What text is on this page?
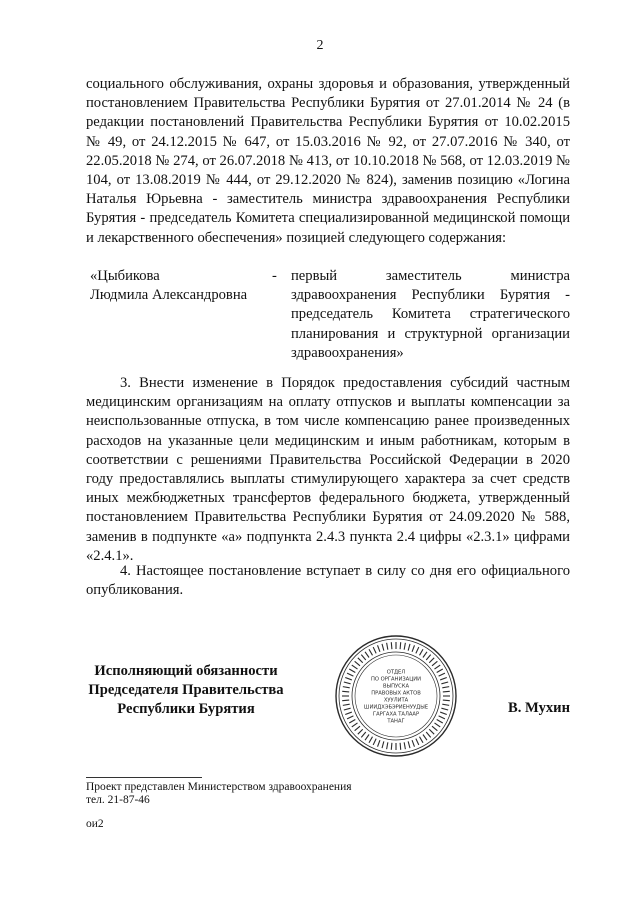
2
социального обслуживания, охраны здоровья и образования, утвержденный постановлением Правительства Республики Бурятия от 27.01.2014 № 24 (в редакции постановлений Правительства Республики Бурятия от 10.02.2015 № 49, от 24.12.2015 № 647, от 15.03.2016 № 92, от 27.07.2016 № 340, от 22.05.2018 № 274, от 26.07.2018 № 413, от 10.10.2018 № 568, от 12.03.2019 № 104, от 13.08.2019 № 444, от 29.12.2020 № 824), заменив позицию «Логина Наталья Юрьевна - заместитель министра здравоохранения Республики Бурятия - председатель Комитета специализированной медицинской помощи и лекарственного обеспечения» позицией следующего содержания:
«Цыбикова
Людмила Александровна
- первый заместитель министра здравоохранения Республики Бурятия - председатель Комитета стратегического планирования и структурной организации здравоохранения»
3. Внести изменение в Порядок предоставления субсидий частным медицинским организациям на оплату отпусков и выплаты компенсации за неиспользованные отпуска, в том числе компенсацию ранее произведенных расходов на указанные цели медицинским и иным работникам, которым в соответствии с решениями Правительства Российской Федерации в 2020 году предоставлялись выплаты стимулирующего характера за счет средств иных межбюджетных трансфертов федерального бюджета, утвержденный постановлением Правительства Республики Бурятия от 24.09.2020 № 588, заменив в подпункте «а» подпункта 2.4.3 пункта 2.4 цифры «2.3.1» цифрами «2.4.1».
4. Настоящее постановление вступает в силу со дня его официального опубликования.
Исполняющий обязанности
Председателя Правительства
Республики Бурятия
ОТДЕЛ
ПО ОРГАНИЗАЦИИ
ВЫПУСКА
ПРАВОВЫХ АКТОВ
ХУУЛИТА
ШИИДХЭБЭРИЕНУУДЫЕ
ГАРГАХА ТАЛААР
ТАНАГ
В. Мухин
Проект представлен Министерством здравоохранения
тел. 21-87-46
ои2
